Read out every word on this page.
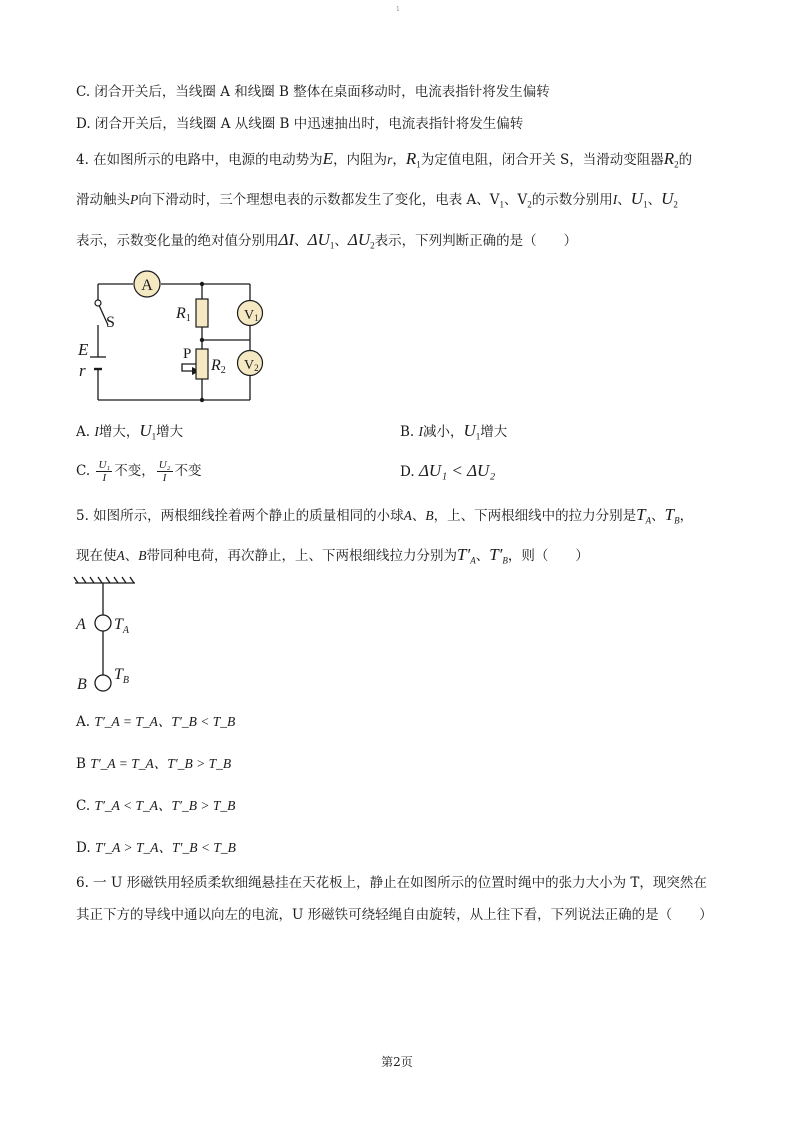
1
C. 闭合开关后，当线圈 A 和线圈 B 整体在桌面移动时，电流表指针将发生偏转
D. 闭合开关后，当线圈 A 从线圈 B 中迅速抽出时，电流表指针将发生偏转
4. 在如图所示的电路中，电源的电动势为E，内阻为r，$R_1$为定值电阻，闭合开关 S，当滑动变阻器$R_2$的
滑动触头P向下滑动时，三个理想电表的示数都发生了变化，电表 A、$V_1$、$V_2$的示数分别用I、$U_1$、$U_2$
表示，示数变化量的绝对值分别用ΔI、$\Delta U_1$、$\Delta U_2$表示，下列判断正确的是（　　）
A
V1
V2
S
E
r
R1
P
R2
A. I增大，$U_1$增大	B. I减小，$U_1$增大
C. $\frac{\text{U₁}}{I}$ 不变， $\frac{\text{U₂}}{I}$ 不变	D. ΔU₁ < ΔU₂
5. 如图所示，两根细线拴着两个静止的质量相同的小球A、B，上、下两根细线中的拉力分别是$T_A$、$T_B$，
现在使A、B带同种电荷，再次静止，上、下两根细线拉力分别为$T'_A$、$T'_B$，则（　　）
A $T_A$
B
$T_B$
A. T′_A = T_A、T′_B < T_B
B T′_A = T_A、T′_B > T_B
C. T′_A < T_A、T′_B > T_B
D. T′_A > T_A、T′_B < T_B
6. 一 U 形磁铁用轻质柔软细绳悬挂在天花板上，静止在如图所示的位置时绳中的张力大小为 T，现突然在
其正下方的导线中通以向左的电流，U 形磁铁可绕轻绳自由旋转，从上往下看，下列说法正确的是（　　）
第2页
